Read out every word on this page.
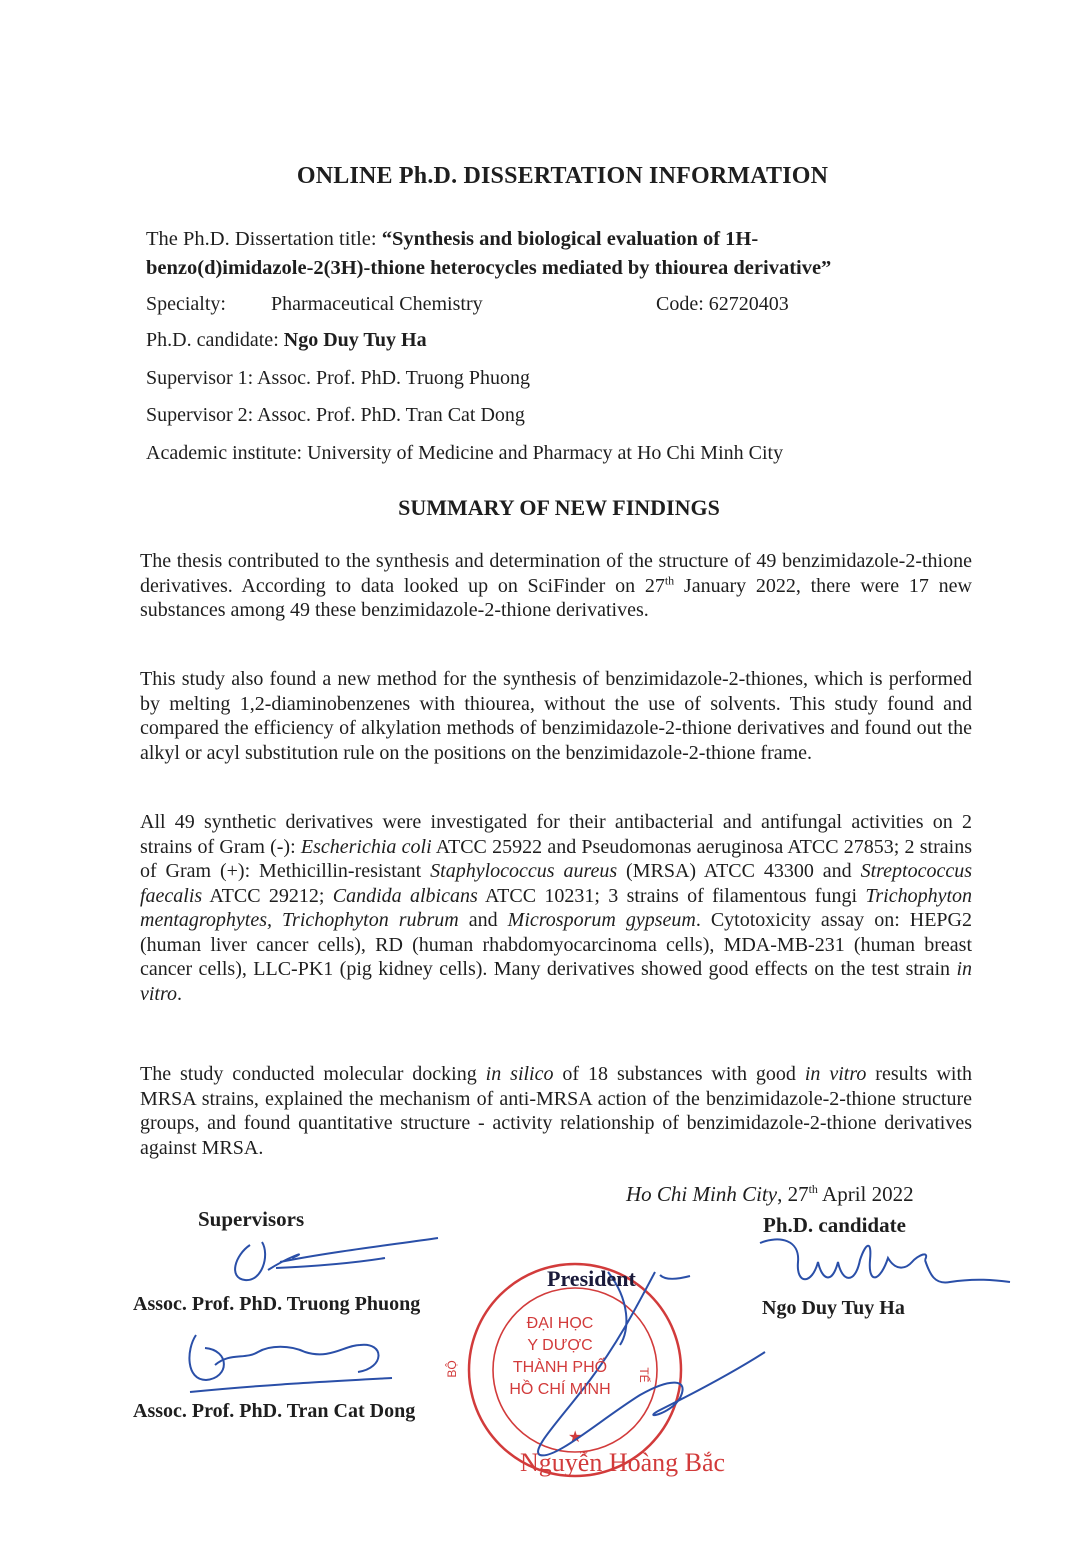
ONLINE Ph.D. DISSERTATION INFORMATION
The Ph.D. Dissertation title: “Synthesis and biological evaluation of 1H-
benzo(d)imidazole-2(3H)-thione heterocycles mediated by thiourea derivative”
Specialty: Pharmaceutical Chemistry	Code: 62720403
Ph.D. candidate: Ngo Duy Tuy Ha
Supervisor 1: Assoc. Prof. PhD. Truong Phuong
Supervisor 2: Assoc. Prof. PhD. Tran Cat Dong
Academic institute: University of Medicine and Pharmacy at Ho Chi Minh City
SUMMARY OF NEW FINDINGS
The thesis contributed to the synthesis and determination of the structure of 49 benzimidazole-2-thione derivatives. According to data looked up on SciFinder on 27th January 2022, there were 17 new substances among 49 these benzimidazole-2-thione derivatives.
This study also found a new method for the synthesis of benzimidazole-2-thiones, which is performed by melting 1,2-diaminobenzenes with thiourea, without the use of solvents. This study found and compared the efficiency of alkylation methods of benzimidazole-2-thione derivatives and found out the alkyl or acyl substitution rule on the positions on the benzimidazole-2-thione frame.
All 49 synthetic derivatives were investigated for their antibacterial and antifungal activities on 2 strains of Gram (-): Escherichia coli ATCC 25922 and Pseudomonas aeruginosa ATCC 27853; 2 strains of Gram (+): Methicillin-resistant Staphylococcus aureus (MRSA) ATCC 43300 and Streptococcus faecalis ATCC 29212; Candida albicans ATCC 10231; 3 strains of filamentous fungi Trichophyton mentagrophytes, Trichophyton rubrum and Microsporum gypseum. Cytotoxicity assay on: HEPG2 (human liver cancer cells), RD (human rhabdomyocarcinoma cells), MDA-MB-231 (human breast cancer cells), LLC-PK1 (pig kidney cells). Many derivatives showed good effects on the test strain in vitro.
The study conducted molecular docking in silico of 18 substances with good in vitro results with MRSA strains, explained the mechanism of anti-MRSA action of the benzimidazole-2-thione structure groups, and found quantitative structure - activity relationship of benzimidazole-2-thione derivatives against MRSA.
Ho Chi Minh City, 27th April 2022
Supervisors	Ph.D. candidate
★
President
ĐẠI HỌC
Y DƯỢC
THÀNH PHỐ
HỒ CHÍ MINH
BỘ	TẾ
Nguyễn Hoàng Bắc
Assoc. Prof. PhD. Truong Phuong
Assoc. Prof. PhD. Tran Cat Dong
Ngo Duy Tuy Ha
